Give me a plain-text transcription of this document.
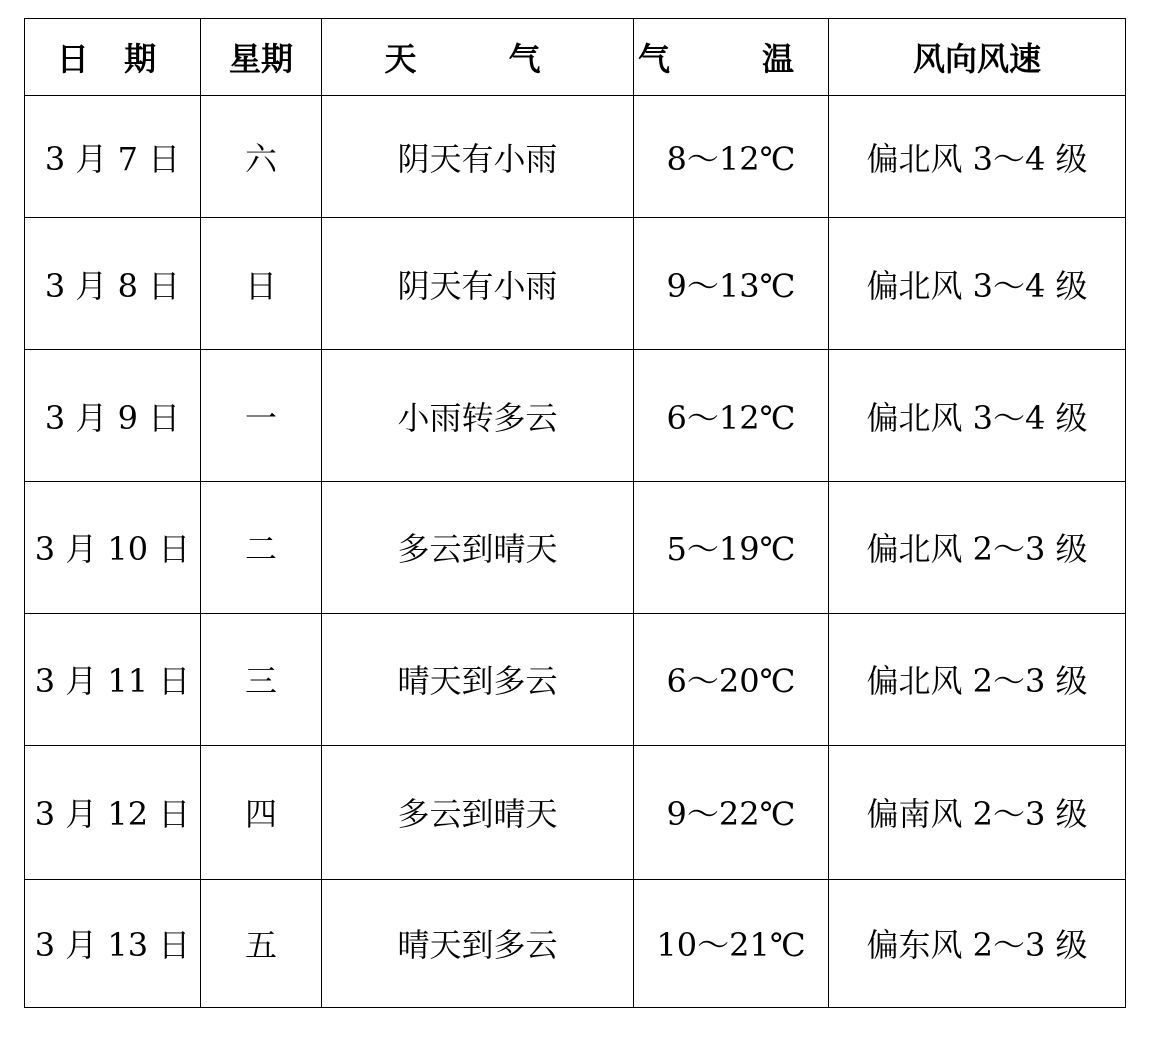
日 期	星期	天　气	气　温	风向风速
3 月 7 日	六	阴天有小雨	8～12℃	偏北风 3～4 级
3 月 8 日	日	阴天有小雨	9～13℃	偏北风 3～4 级
3 月 9 日	一	小雨转多云	6～12℃	偏北风 3～4 级
3 月 10 日	二	多云到晴天	5～19℃	偏北风 2～3 级
3 月 11 日	三	晴天到多云	6～20℃	偏北风 2～3 级
3 月 12 日	四	多云到晴天	9～22℃	偏南风 2～3 级
3 月 13 日	五	晴天到多云	10～21℃	偏东风 2～3 级
